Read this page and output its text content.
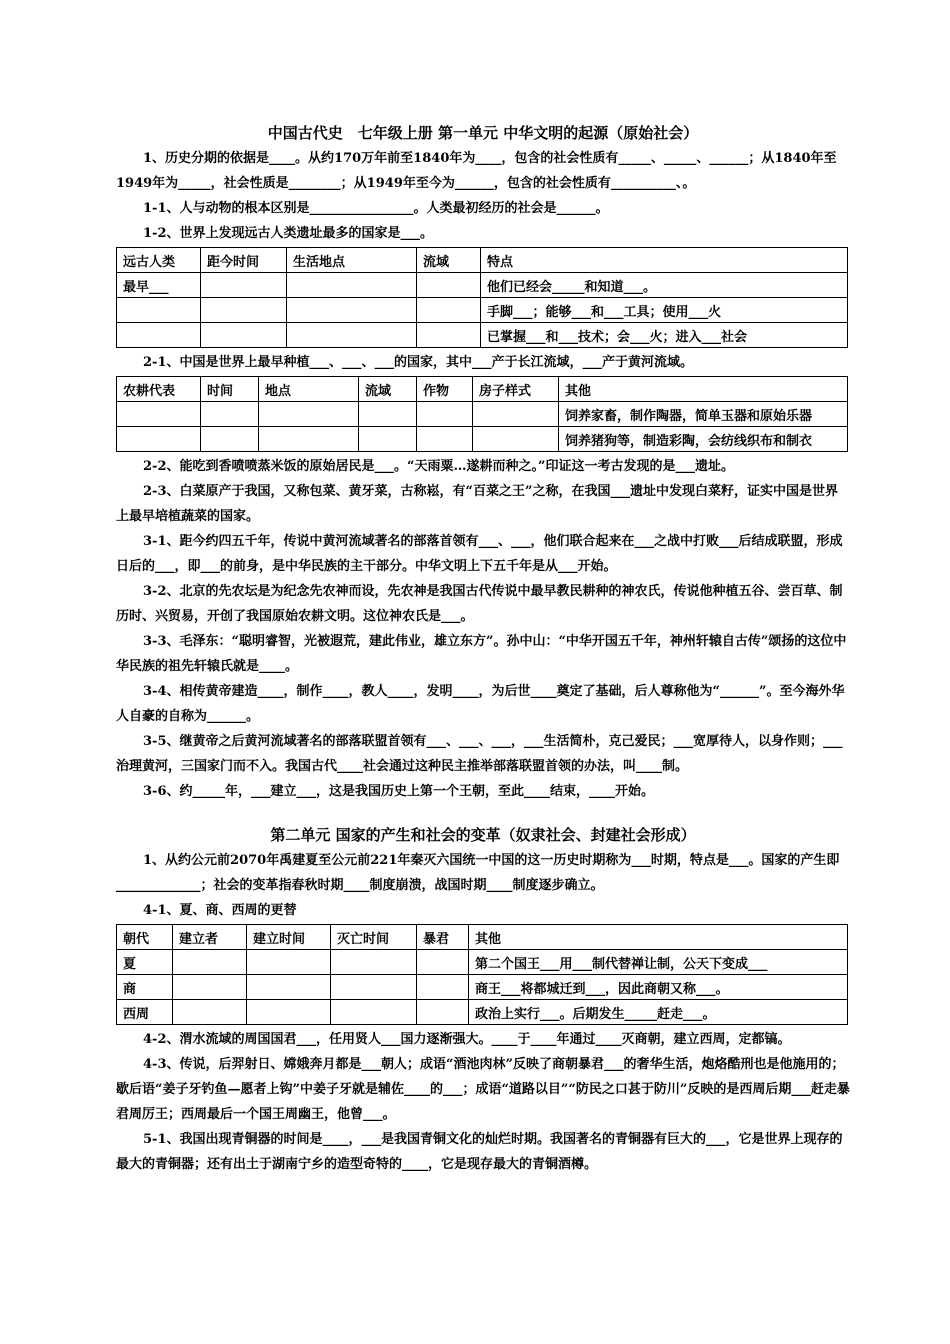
中国古代史　七年级上册 第一单元 中华文明的起源（原始社会）

1、历史分期的依据是____。从约170万年前至1840年为____，包含的社会性质有_____、_____、______；从1840年至1949年为_____，社会性质是________；从1949年至今为______，包含的社会性质有__________、。

1-1、人与动物的根本区别是________________。人类最初经历的社会是______。

1-2、世界上发现远古人类遗址最多的国家是___。

远古人类	距今时间	生活地点	流域	特点
最早___				他们已经会_____和知道___。
				手脚___；能够___和___工具；使用___火
				已掌握___和___技术；会___火；进入___社会

2-1、中国是世界上最早种植___、___、___的国家，其中___产于长江流域，___产于黄河流域。

农耕代表	时间	地点	流域	作物	房子样式	其他
						饲养家畜，制作陶器，简单玉器和原始乐器
						饲养猪狗等，制造彩陶，会纺线织布和制衣

2-2、能吃到香喷喷蒸米饭的原始居民是___。“天雨粟…遂耕而种之。”印证这一考古发现的是___遗址。

2-3、白菜原产于我国，又称包菜、黄牙菜，古称崧，有“百菜之王”之称，在我国___遗址中发现白菜籽，证实中国是世界上最早培植蔬菜的国家。

3-1、距今约四五千年，传说中黄河流域著名的部落首领有___、___，他们联合起来在___之战中打败___后结成联盟，形成日后的___，即___的前身，是中华民族的主干部分。中华文明上下五千年是从___开始。

3-2、北京的先农坛是为纪念先农神而设，先农神是我国古代传说中最早教民耕种的神农氏，传说他种植五谷、尝百草、制历时、兴贸易，开创了我国原始农耕文明。这位神农氏是___。

3-3、毛泽东：“聪明睿智，光被遐荒，建此伟业，雄立东方”。孙中山：“中华开国五千年，神州轩辕自古传”颂扬的这位中华民族的祖先轩辕氏就是____。

3-4、相传黄帝建造____，制作____，教人____，发明____，为后世____奠定了基础，后人尊称他为“______”。至今海外华人自豪的自称为______。

3-5、继黄帝之后黄河流域著名的部落联盟首领有___、___、___，___生活简朴，克己爱民；___宽厚待人，以身作则；___治理黄河，三国家门而不入。我国古代____社会通过这种民主推举部落联盟首领的办法，叫____制。

3-6、约_____年，___建立___，这是我国历史上第一个王朝，至此____结束，____开始。

第二单元 国家的产生和社会的变革（奴隶社会、封建社会形成）

1、从约公元前2070年禹建夏至公元前221年秦灭六国统一中国的这一历史时期称为___时期，特点是___。国家的产生即_____________；社会的变革指春秋时期____制度崩溃，战国时期____制度逐步确立。

4-1、夏、商、西周的更替

朝代	建立者	建立时间	灭亡时间	暴君	其他
夏					第二个国王___用___制代替禅让制，公天下变成___
商					商王___将都城迁到___，因此商朝又称___。
西周					政治上实行___。后期发生_____赶走___。

4-2、渭水流域的周国国君___，任用贤人___国力逐渐强大。____于____年通过____灭商朝，建立西周，定都镐。

4-3、传说，后羿射日、嫦娥奔月都是___朝人；成语“酒池肉林”反映了商朝暴君___的奢华生活，炮烙酷刑也是他施用的；歇后语“姜子牙钓鱼—愿者上钩”中姜子牙就是辅佐____的___；成语“道路以目”“防民之口甚于防川”反映的是西周后期___赶走暴君周厉王；西周最后一个国王周幽王，他曾___。

5-1、我国出现青铜器的时间是____，___是我国青铜文化的灿烂时期。我国著名的青铜器有巨大的___，它是世界上现存的最大的青铜器；还有出土于湖南宁乡的造型奇特的____，它是现存最大的青铜酒樽。
